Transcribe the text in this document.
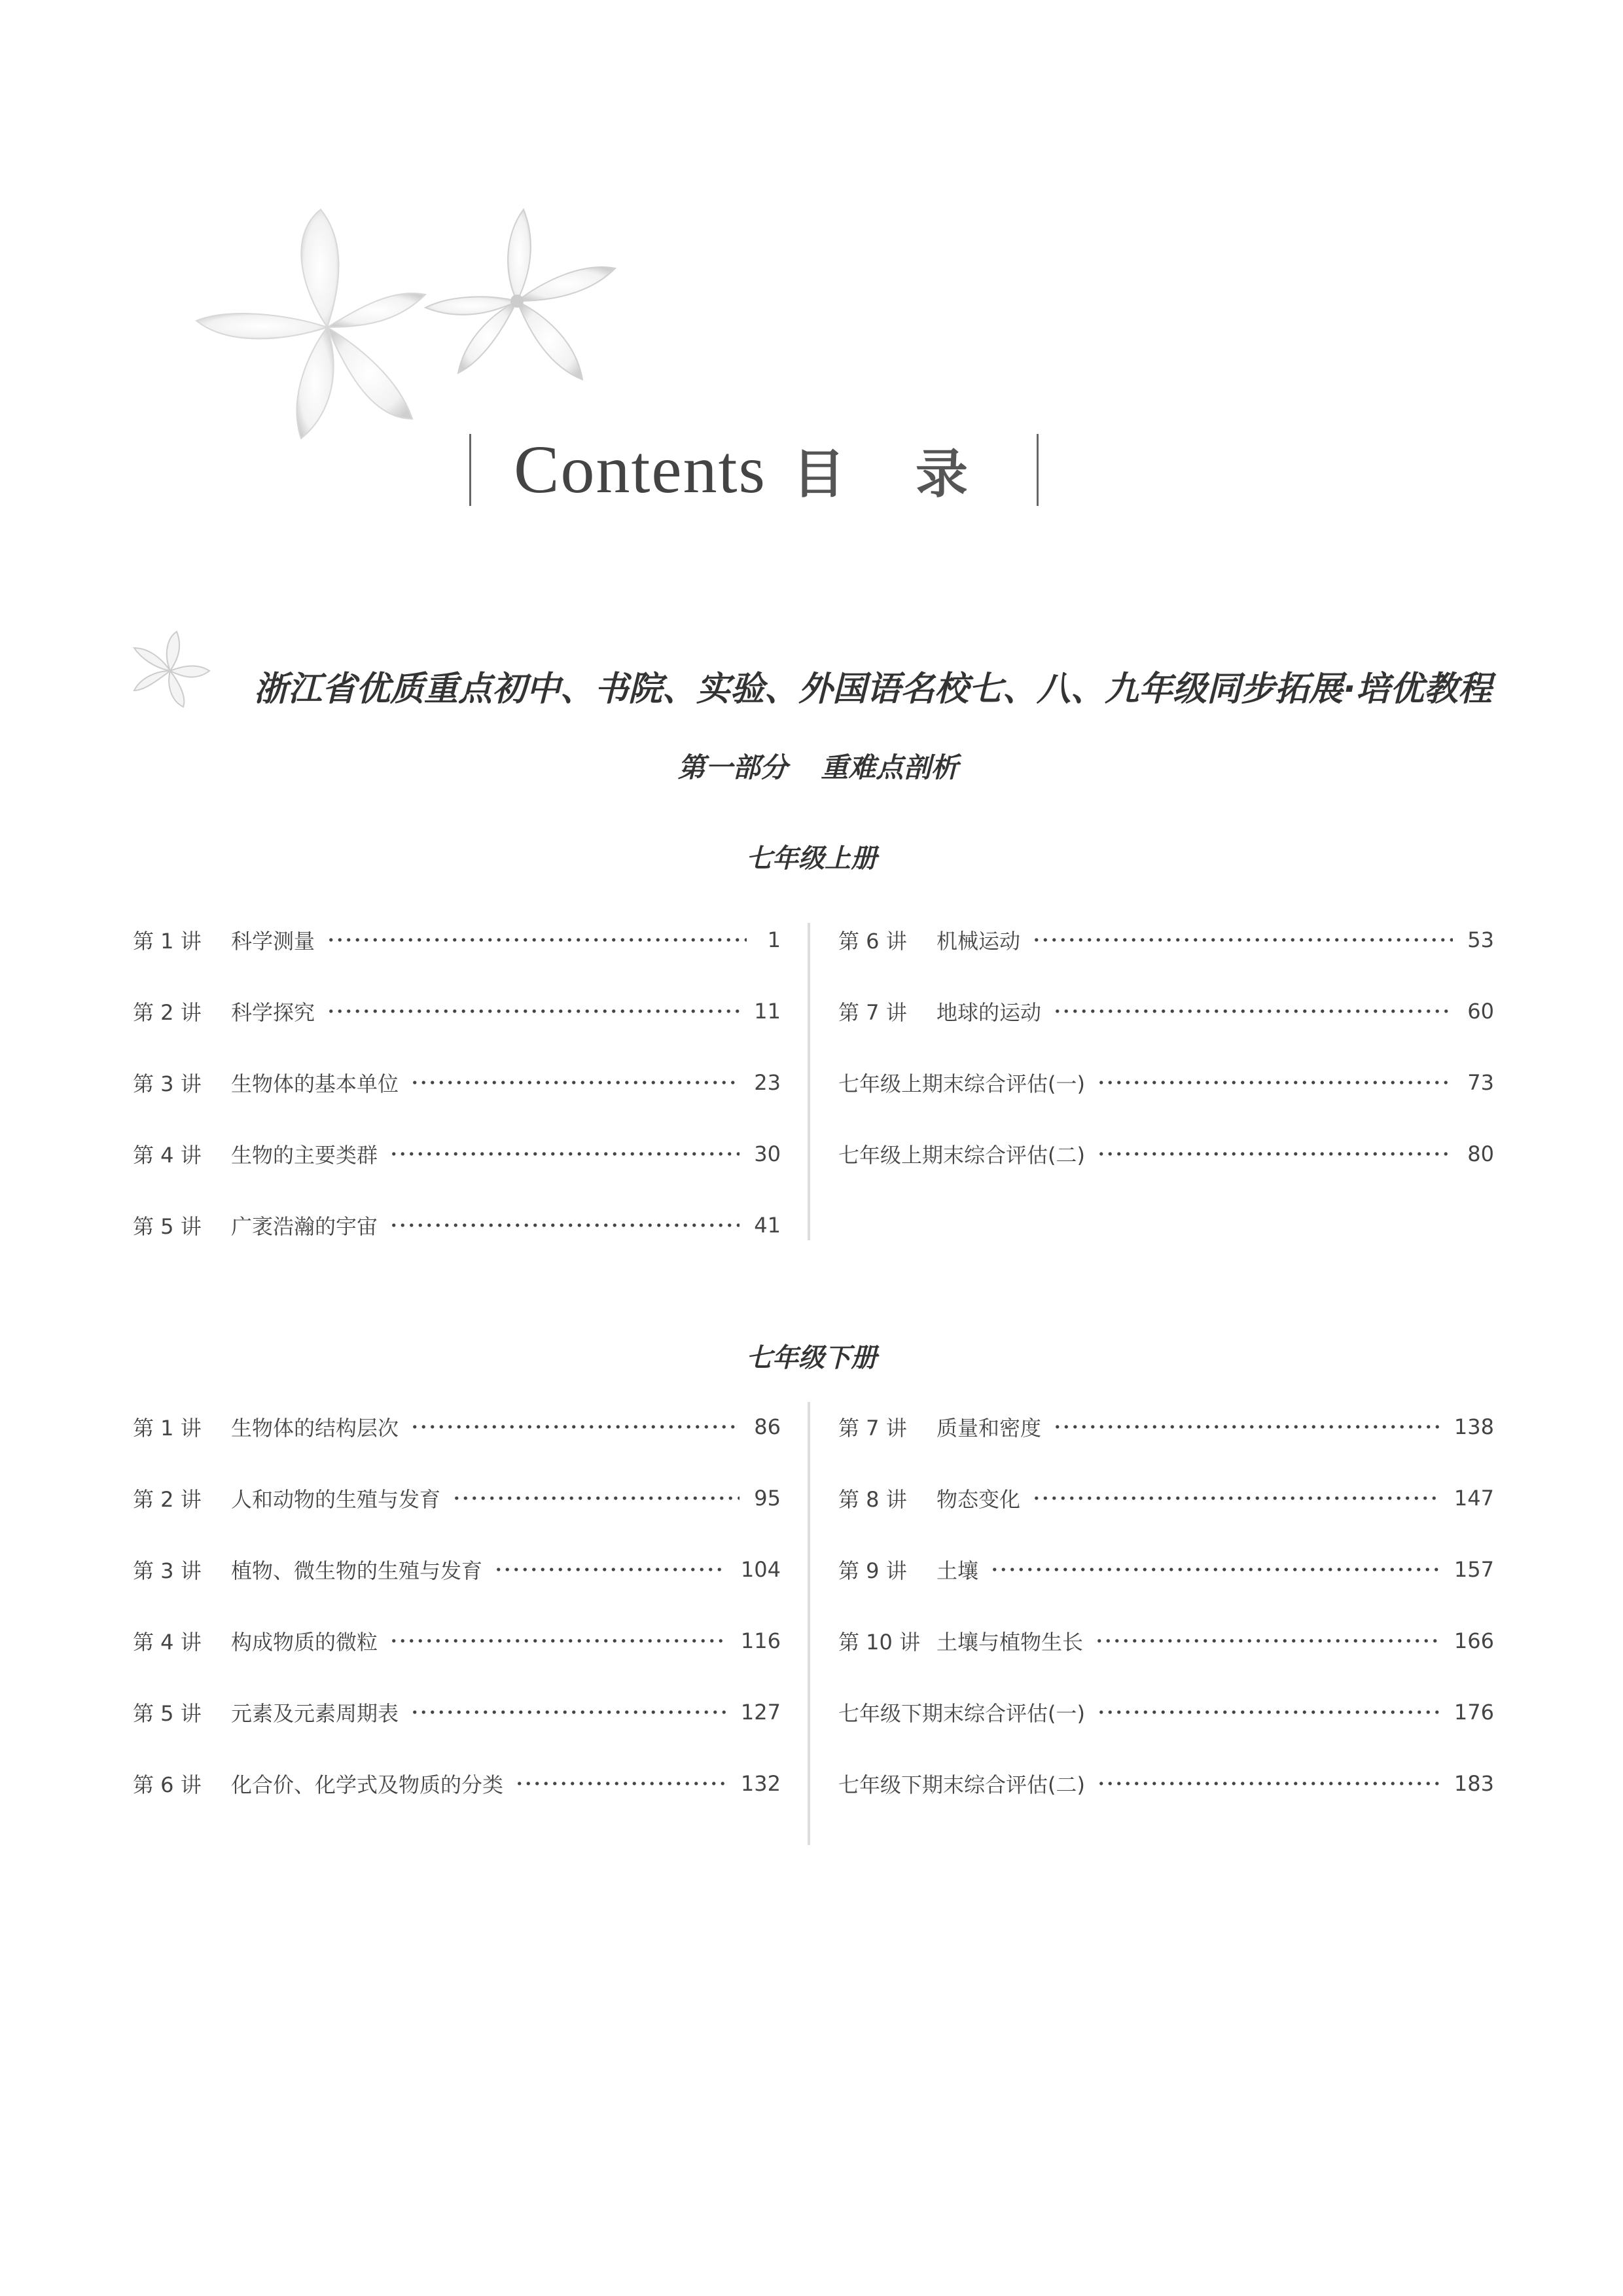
Contents 目 录
浙江省优质重点初中、书院、实验、外国语名校七、八、九年级同步拓展·培优教程
第一部分 重难点剖析
七年级上册
七年级下册
第 1 讲	科学测量	1
第 2 讲	科学探究	11
第 3 讲	生物体的基本单位	23
第 4 讲	生物的主要类群	30
第 5 讲	广袤浩瀚的宇宙	41
第 6 讲	机械运动	53
第 7 讲	地球的运动	60
七年级上期末综合评估(一)	73
七年级上期末综合评估(二)	80
第 1 讲	生物体的结构层次	86
第 2 讲	人和动物的生殖与发育	95
第 3 讲	植物、微生物的生殖与发育	104
第 4 讲	构成物质的微粒	116
第 5 讲	元素及元素周期表	127
第 6 讲	化合价、化学式及物质的分类	132
第 7 讲	质量和密度	138
第 8 讲	物态变化	147
第 9 讲	土壤	157
第 10 讲 土壤与植物生长	166
七年级下期末综合评估(一)	176
七年级下期末综合评估(二)	183
